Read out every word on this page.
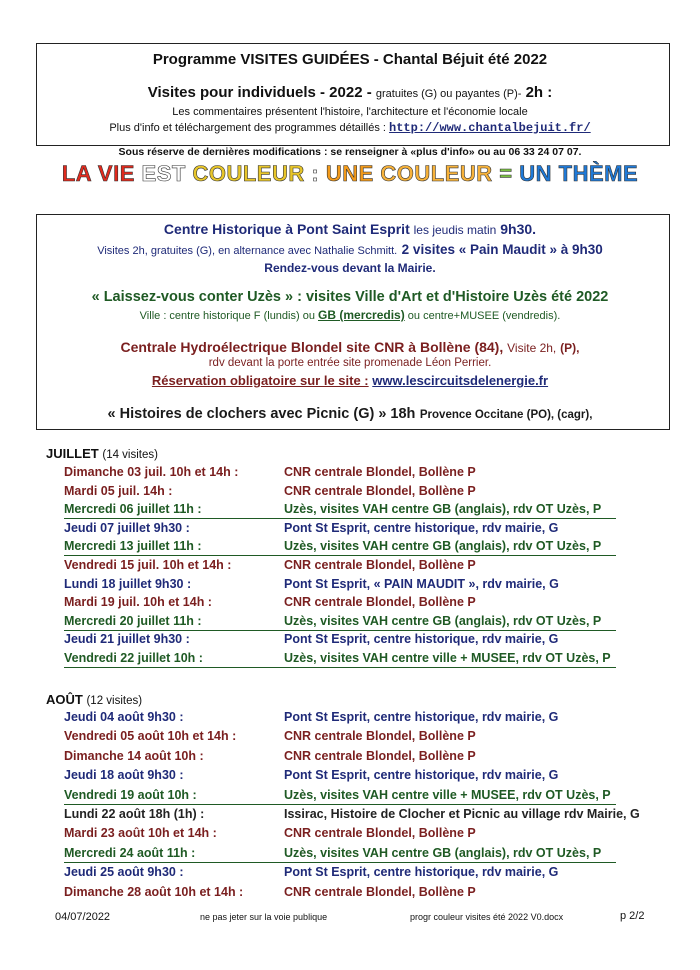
Programme VISITES GUIDÉES - Chantal Béjuit été 2022
Visites pour individuels - 2022 - gratuites (G) ou payantes (P)- 2h :
Les commentaires présentent l'histoire, l'architecture et l'économie locale
Plus d'info et téléchargement des programmes détaillés : http://www.chantalbejuit.fr/
Sous réserve de dernières modifications : se renseigner à «plus d'info» ou au 06 33 24 07 07.
LA VIE EST COULEUR : UNE COULEUR = UN THÈME
Centre Historique à Pont Saint Esprit les jeudis matin 9h30.
Visites 2h, gratuites (G), en alternance avec Nathalie Schmitt. 2 visites « Pain Maudit » à 9h30
Rendez-vous devant la Mairie.
« Laissez-vous conter Uzès » : visites Ville d'Art et d'Histoire Uzès été 2022
Ville : centre historique F (lundis) ou GB (mercredis) ou centre+MUSEE (vendredis).
Centrale Hydroélectrique Blondel site CNR à Bollène (84), Visite 2h, (P),
rdv devant la porte entrée site promenade Léon Perrier.
Réservation obligatoire sur le site : www.lescircuitsdelenergie.fr
« Histoires de clochers avec Picnic (G) » 18h Provence Occitane (PO), (cagr),
JUILLET (14 visites)
Dimanche 03 juil. 10h et 14h :	CNR centrale Blondel, Bollène P
Mardi 05 juil. 14h :	CNR centrale Blondel, Bollène P
Mercredi 06 juillet 11h :	Uzès, visites VAH centre GB (anglais), rdv OT Uzès, P
Jeudi 07 juillet 9h30 :	Pont St Esprit, centre historique, rdv mairie, G
Mercredi 13 juillet 11h :	Uzès, visites VAH centre GB (anglais), rdv OT Uzès, P
Vendredi 15 juil. 10h et 14h :	CNR centrale Blondel, Bollène P
Lundi 18 juillet 9h30 :	Pont St Esprit, « PAIN MAUDIT », rdv mairie, G
Mardi 19 juil. 10h et 14h :	CNR centrale Blondel, Bollène P
Mercredi 20 juillet 11h :	Uzès, visites VAH centre GB (anglais), rdv OT Uzès, P
Jeudi 21 juillet 9h30 :	Pont St Esprit, centre historique, rdv mairie, G
Vendredi 22 juillet 10h :	Uzès, visites VAH centre ville + MUSEE, rdv OT Uzès, P
AOÛT (12 visites)
Jeudi 04 août 9h30 :	Pont St Esprit, centre historique, rdv mairie, G
Vendredi 05 août 10h et 14h :	CNR centrale Blondel, Bollène P
Dimanche 14 août 10h :	CNR centrale Blondel, Bollène P
Jeudi 18 août 9h30 :	Pont St Esprit, centre historique, rdv mairie, G
Vendredi 19 août 10h :	Uzès, visites VAH centre ville + MUSEE, rdv OT Uzès, P
Lundi 22 août 18h (1h) :	Issirac, Histoire de Clocher et Picnic au village rdv Mairie, G
Mardi 23 août 10h et 14h :	CNR centrale Blondel, Bollène P
Mercredi 24 août 11h :	Uzès, visites VAH centre GB (anglais), rdv OT Uzès, P
Jeudi 25 août 9h30 :	Pont St Esprit, centre historique, rdv mairie, G
Dimanche 28 août 10h et 14h :	CNR centrale Blondel, Bollène P
04/07/2022	ne pas jeter sur la voie publique	progr couleur visites été 2022 V0.docx	p 2/2
